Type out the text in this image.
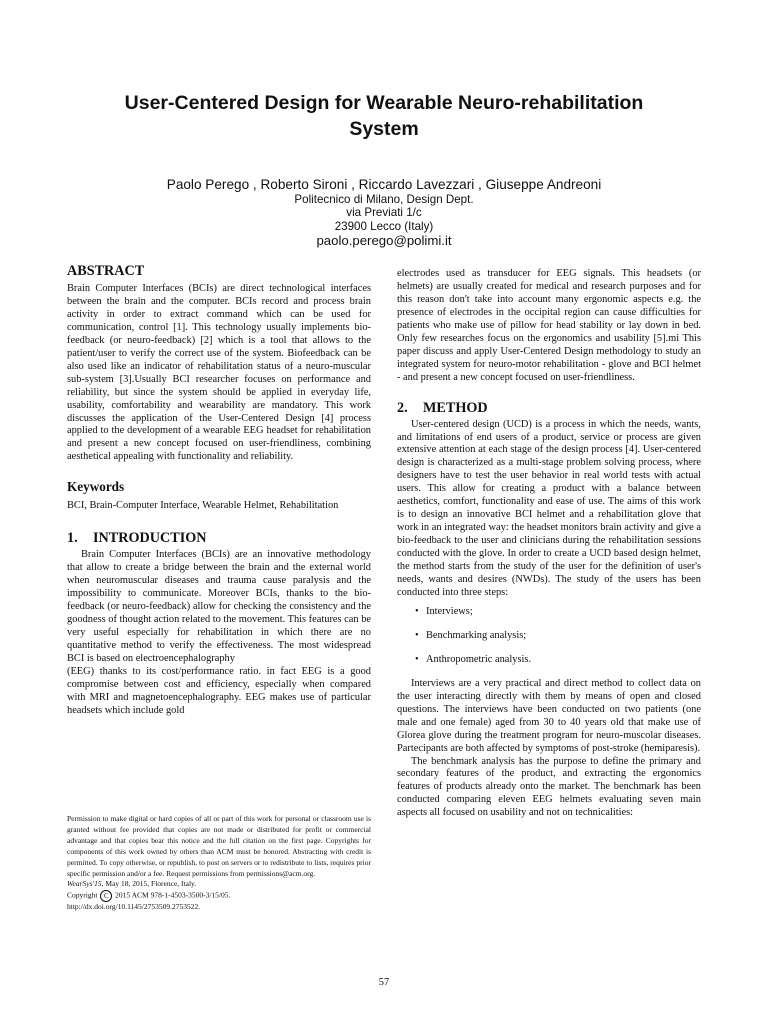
User-Centered Design for Wearable Neuro-rehabilitation
System
Paolo Perego , Roberto Sironi , Riccardo Lavezzari , Giuseppe Andreoni
Politecnico di Milano, Design Dept.
via Previati 1/c
23900 Lecco (Italy)
paolo.perego@polimi.it
ABSTRACT

Brain Computer Interfaces (BCIs) are direct technological interfaces between the brain and the computer. BCIs record and process brain activity in order to extract command which can be used for communication, control [1]. This technology usually implements bio-feedback (or neuro-feedback) [2] which is a tool that allows to the patient/user to verify the correct use of the system. Biofeedback can be also used like an indicator of rehabilitation status of a neuro-muscular sub-system [3].Usually BCI researcher focuses on performance and reliability, but since the system should be applied in everyday life, usability, comfortability and wearability are mandatory. This work discusses the application of the User-Centered Design [4] process applied to the development of a wearable EEG headset for rehabilitation and present a new concept focused on user-friendliness, combining aesthetical appealing with functionality and reliability.

Keywords

BCI, Brain-Computer Interface, Wearable Helmet, Rehabilitation

1. INTRODUCTION

Brain Computer Interfaces (BCIs) are an innovative methodology that allow to create a bridge between the brain and the external world when neuromuscular diseases and trauma cause paralysis and the impossibility to communicate. Moreover BCIs, thanks to the bio-feedback (or neuro-feedback) allow for checking the consistency and the goodness of thought action related to the movement. This features can be very useful especially for rehabilitation in which there are no quantitative method to verify the effectiveness. The most widespread BCI is based on electroencephalography

(EEG) thanks to its cost/performance ratio. in fact EEG is a good compromise between cost and efficiency, especially when compared with MRI and magnetoencephalography. EEG makes use of particular headsets which include gold

electrodes used as transducer for EEG signals. This headsets (or helmets) are usually created for medical and research purposes and for this reason don't take into account many ergonomic aspects e.g. the presence of electrodes in the occipital region can cause difficulties for patients who make use of pillow for head stability or lay down in bed. Only few researches focus on the ergonomics and usability [5].mi This paper discuss and apply User-Centered Design methodology to study an integrated system for neuro-motor rehabilitation - glove and BCI helmet - and present a new concept focused on user-friendliness.

2. METHOD

User-centered design (UCD) is a process in which the needs, wants, and limitations of end users of a product, service or process are given extensive attention at each stage of the design process [4]. User-centered design is characterized as a multi-stage problem solving process, where designers have to test the user behavior in real world tests with actual users. This allow for creating a product with a balance between aesthetics, comfort, functionality and ease of use. The aims of this work is to design an innovative BCI helmet and a rehabilitation glove that work in an integrated way: the headset monitors brain activity and give a bio-feedback to the user and clinicians during the rehabilitation sessions conducted with the glove. In order to create a UCD based design helmet, the method starts from the study of the user for the definition of user's needs, wants and desires (NWDs). The study of the users has been conducted into three steps:

• Interviews;
• Benchmarking analysis;
• Anthropometric analysis.

Interviews are a very practical and direct method to collect data on the user interacting directly with them by means of open and closed questions. The interviews have been conducted on two patients (one male and one female) aged from 30 to 40 years old that make use of Glorea glove during the treatment program for neuro-muscolar diseases. Partecipants are both affected by symptoms of post-stroke (hemiparesis).

The benchmark analysis has the purpose to define the primary and secondary features of the product, and extracting the ergonomics features of products already onto the market. The benchmark has been conducted comparing eleven EEG helmets evaluating seven main aspects all focused on usability and not on technicalities:

Permission to make digital or hard copies of all or part of this work for personal or classroom use is granted without fee provided that copies are not made or distributed for profit or commercial advantage and that copies bear this notice and the full citation on the first page. Copyrights for components of this work owned by others than ACM must be honored. Abstracting with credit is permitted. To copy otherwise, or republish, to post on servers or to redistribute to lists, requires prior specific permission and/or a fee. Request permissions from permissions@acm.org.

WearSys'15, May 18, 2015, Florence, Italy.

Copyright C 2015 ACM 978-1-4503-3500-3/15/05.

http://dx.doi.org/10.1145/2753509.2753522.

57
